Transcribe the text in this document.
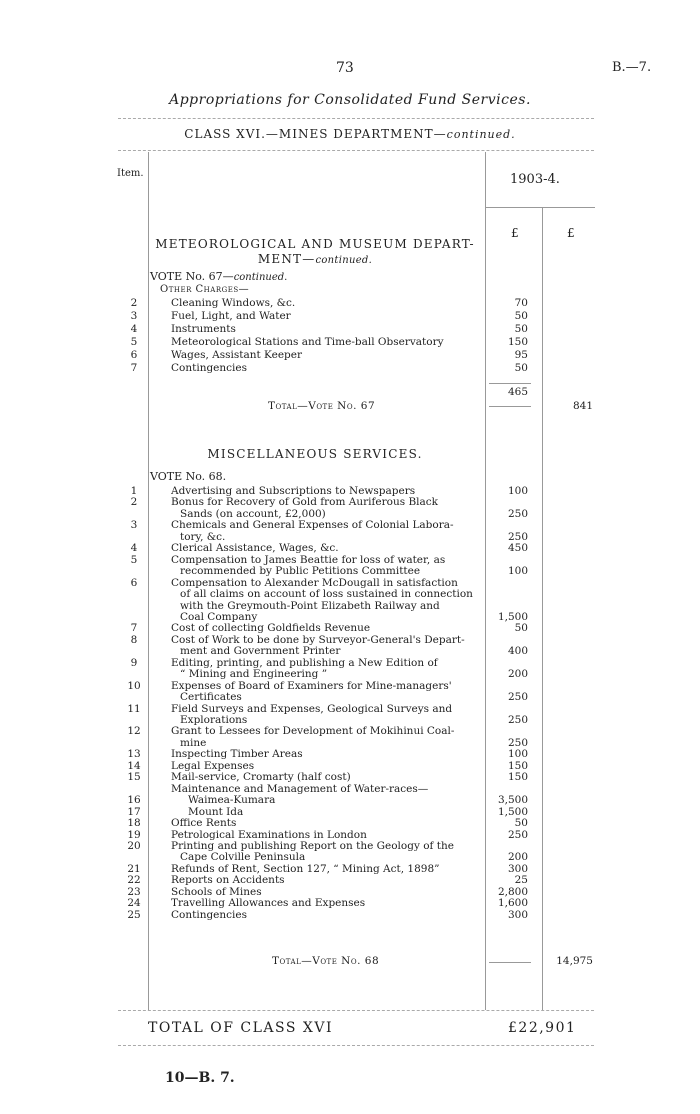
73	B.—7.
Appropriations for Consolidated Fund Services.
CLASS XVI.—MINES DEPARTMENT—continued.
Item.	1903-4.
£	£
METEOROLOGICAL AND MUSEUM DEPART-
MENT—continued.
VOTE No. 67—continued.
Other Charges—
2	Cleaning Windows, &c.	70
3	Fuel, Light, and Water	50
4	Instruments	50
5	Meteorological Stations and Time-ball Observatory	150
6	Wages, Assistant Keeper	95
7	Contingencies	50
465
Total—Vote No. 67	841
MISCELLANEOUS SERVICES.
VOTE No. 68.
1	Advertising and Subscriptions to Newspapers	100
2	Bonus for Recovery of Gold from Auriferous Black
Sands (on account, £2,000)	250
3	Chemicals and General Expenses of Colonial Labora-
tory, &c.	250
4	Clerical Assistance, Wages, &c.	450
5	Compensation to James Beattie for loss of water, as
recommended by Public Petitions Committee	100
6	Compensation to Alexander McDougall in satisfaction
of all claims on account of loss sustained in connection
with the Greymouth-Point Elizabeth Railway and
Coal Company	1,500
7	Cost of collecting Goldfields Revenue	50
8	Cost of Work to be done by Surveyor-General's Depart-
ment and Government Printer	400
9	Editing, printing, and publishing a New Edition of
“ Mining and Engineering ”	200
10	Expenses of Board of Examiners for Mine-managers'
Certificates	250
11	Field Surveys and Expenses, Geological Surveys and
Explorations	250
12	Grant to Lessees for Development of Mokihinui Coal-
mine	250
13	Inspecting Timber Areas	100
14	Legal Expenses	150
15	Mail-service, Cromarty (half cost)	150
Maintenance and Management of Water-races—
16	Waimea-Kumara	3,500
17	Mount Ida	1,500
18	Office Rents	50
19	Petrological Examinations in London	250
20	Printing and publishing Report on the Geology of the
Cape Colville Peninsula	200
21	Refunds of Rent, Section 127, “ Mining Act, 1898”	300
22	Reports on Accidents	25
23	Schools of Mines	2,800
24	Travelling Allowances and Expenses	1,600
25	Contingencies	300
Total—Vote No. 68	14,975
TOTAL OF CLASS XVI	£22,901
10—B. 7.
